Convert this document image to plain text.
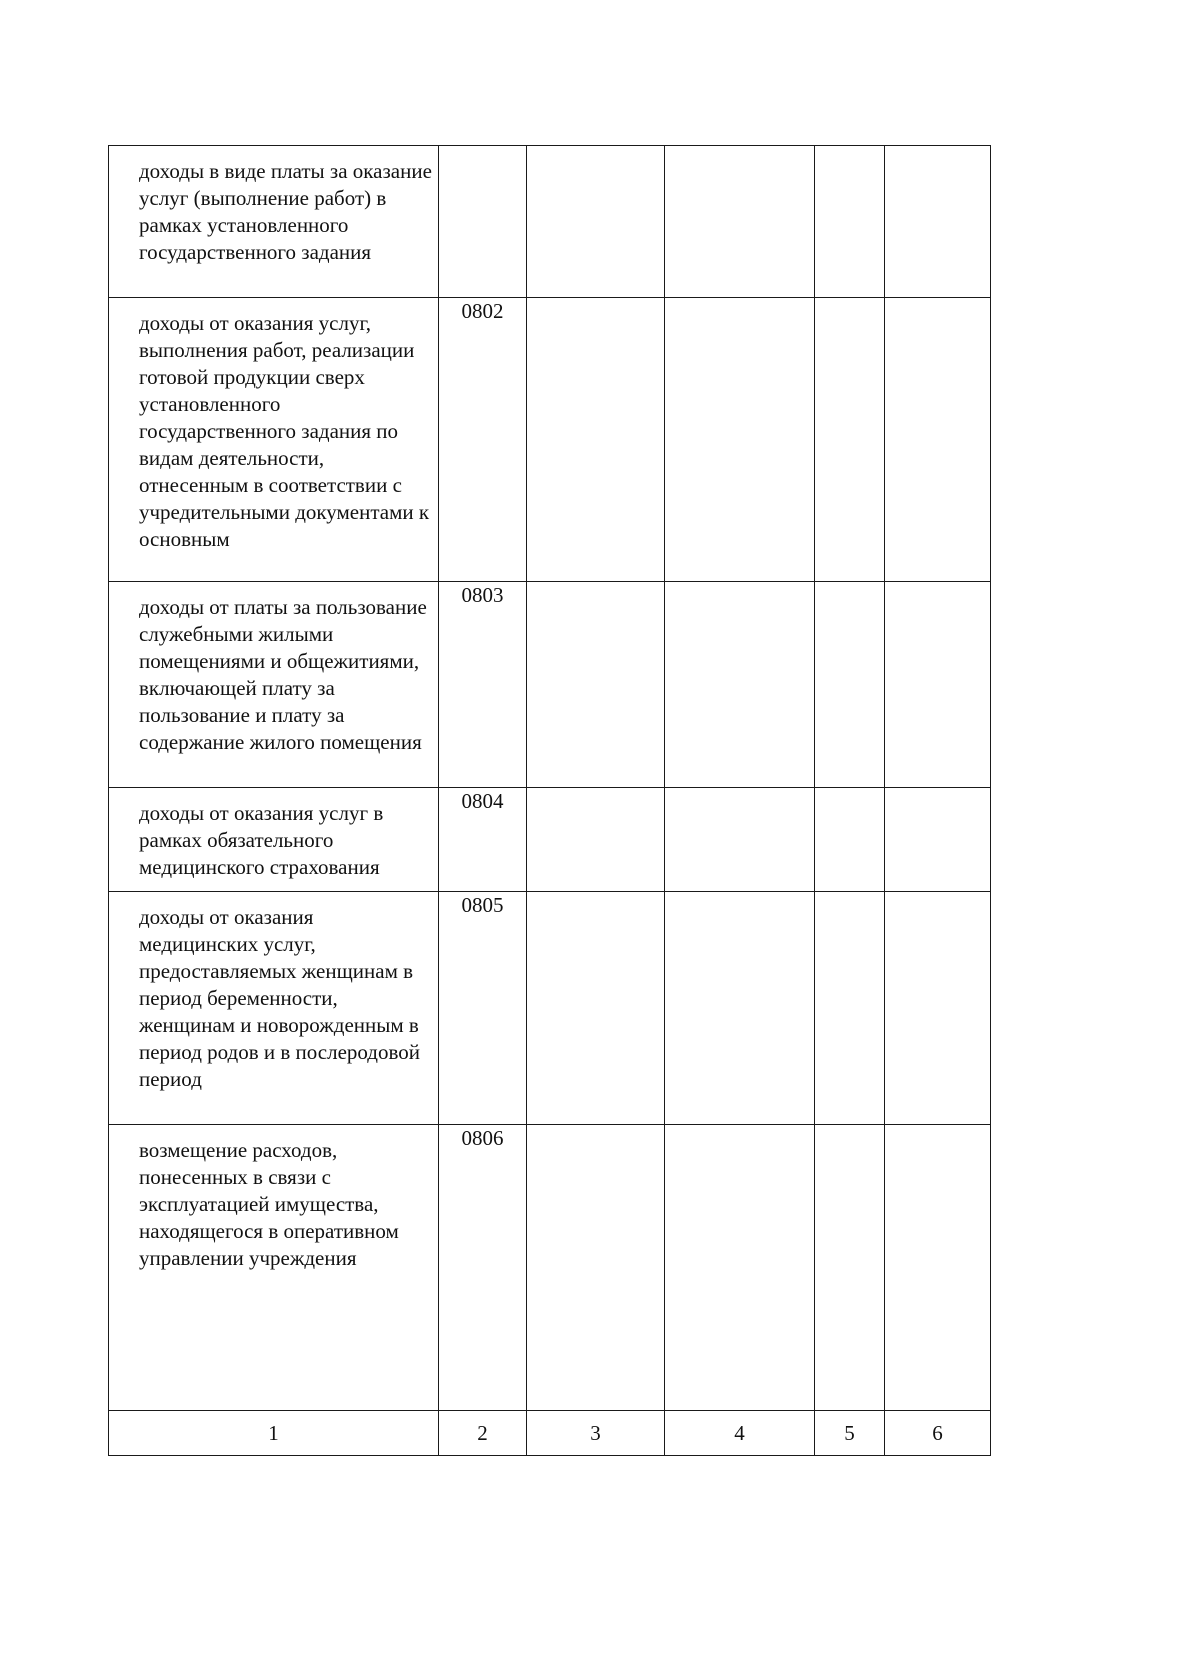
доходы в виде платы за оказание услуг (выполнение работ) в рамках установленного государственного задания					

доходы от оказания услуг, выполнения работ, реализации готовой продукции сверх установленного государственного задания по видам деятельности, отнесенным в соответствии с учредительными документами к основным	0802				

доходы от платы за пользование служебными жилыми помещениями и общежитиями, включающей плату за пользование и плату за содержание жилого помещения	0803				

доходы от оказания услуг в рамках обязательного медицинского страхования	0804				

доходы от оказания медицинских услуг, предоставляемых женщинам в период беременности, женщинам и новорожденным в период родов и в послеродовой период	0805				

возмещение расходов, понесенных в связи с эксплуатацией имущества, находящегося в оперативном управлении учреждения	0806				
1	2	3	4	5	6
